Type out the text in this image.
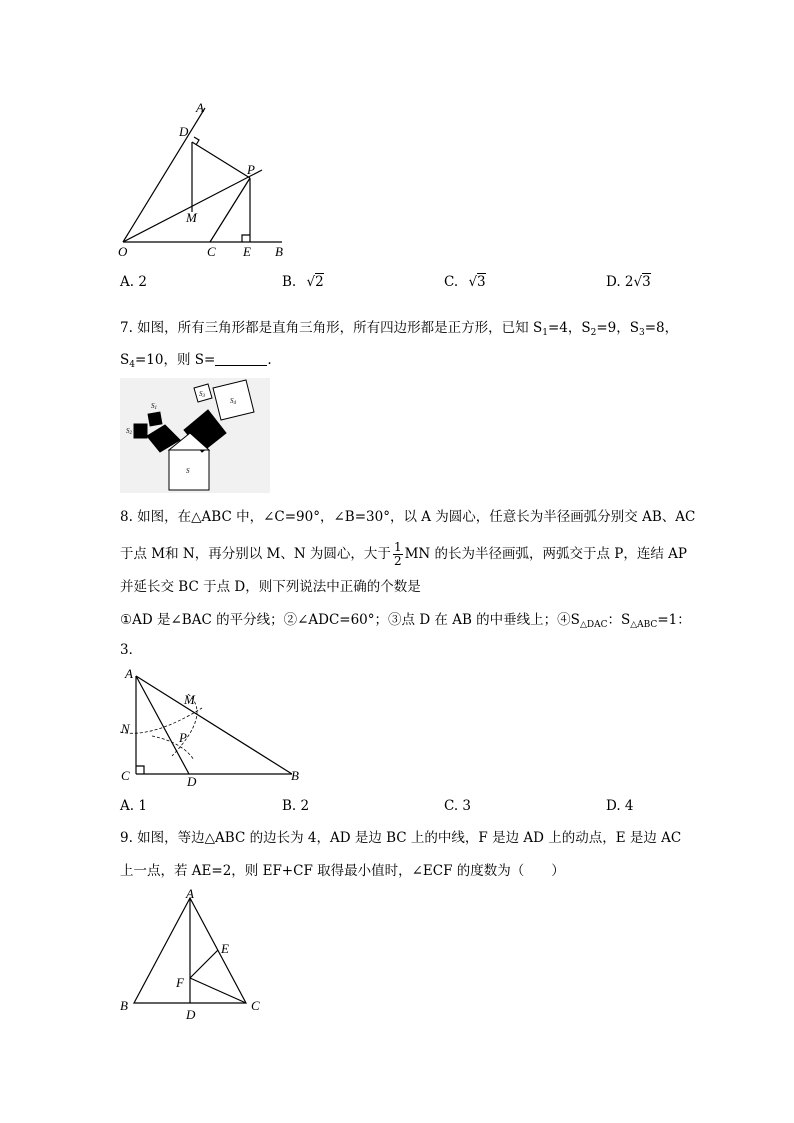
A
D
P
M
O	C E B
A. 2	B. √2	C. √3	D. 2√3
7. 如图，所有三角形都是直角三角形，所有四边形都是正方形，已知 $S_1=4$，$S_2=9$，$S_3=8$，
$S_4=10$，则 S=	.
S2
S1
S3
S4
S
8. 如图，在△ABC 中，∠C=90°，∠B=30°，以 A 为圆心，任意长为半径画弧分别交 AB、AC
于点 M和 N，再分别以 M、N 为圆心，大于 $\frac{1}{2}$ MN 的长为半径画弧，两弧交于点 P，连结 AP
并延长交 BC 于点 D，则下列说法中正确的个数是
①AD 是∠BAC 的平分线；②∠ADC=60°；③点 D 在 AB 的中垂线上；$④S_{\triangle DAC}$：$S_{\triangle ABC}=1$：
3．
A
M
N
P
C	D	B
A. 1	B. 2	C. 3	D. 4
9. 如图，等边△ABC 的边长为 4，AD 是边 BC 上的中线，F 是边 AD 上的动点，E 是边 AC
上一点，若 AE=2，则 EF+CF 取得最小值时，∠ECF 的度数为（　　）
A
E
F
B
D
C
